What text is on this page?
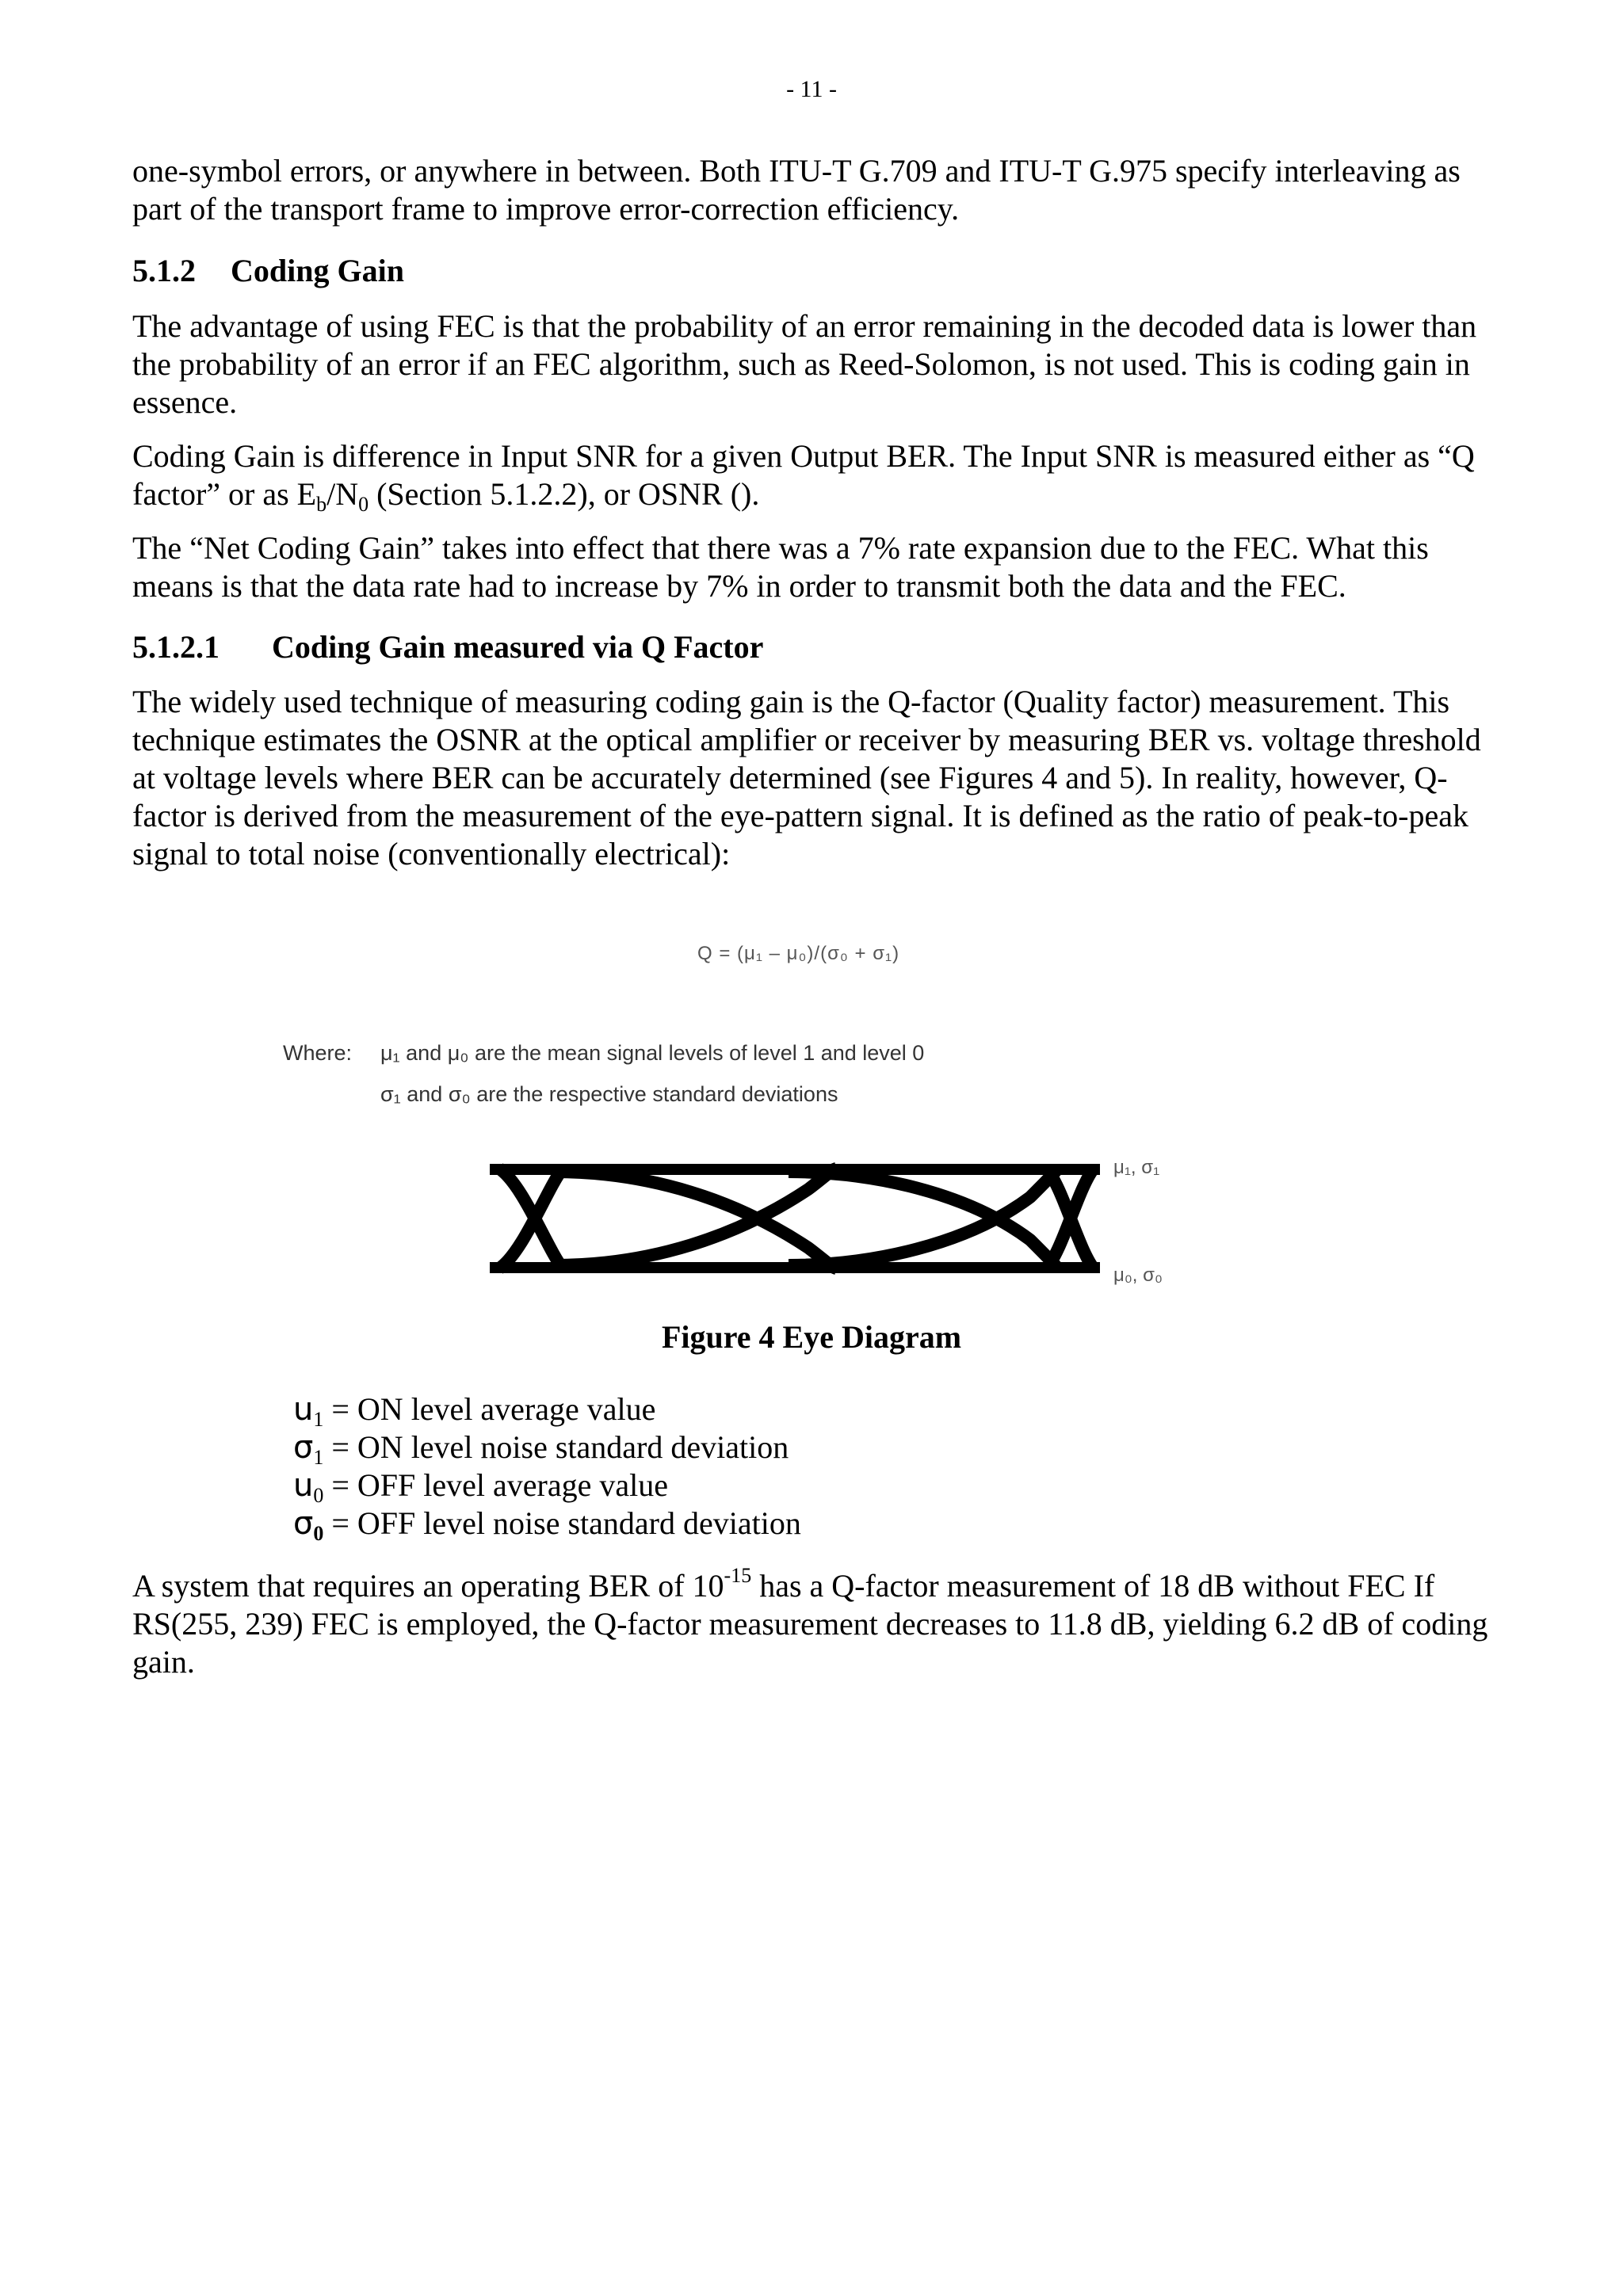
- 11 -

one-symbol errors, or anywhere in between. Both ITU-T G.709 and ITU-T G.975 specify interleaving as part of the transport frame to improve error-correction efficiency.

5.1.2 Coding Gain

The advantage of using FEC is that the probability of an error remaining in the decoded data is lower than the probability of an error if an FEC algorithm, such as Reed-Solomon, is not used. This is coding gain in essence.

Coding Gain is difference in Input SNR for a given Output BER. The Input SNR is measured either as “Q factor” or as $E_b/N_0$ (Section 5.1.2.2), or OSNR ().

The “Net Coding Gain” takes into effect that there was a 7% rate expansion due to the FEC. What this means is that the data rate had to increase by 7% in order to transmit both the data and the FEC.

5.1.2.1 Coding Gain measured via Q Factor

The widely used technique of measuring coding gain is the Q-factor (Quality factor) measurement. This technique estimates the OSNR at the optical amplifier or receiver by measuring BER vs. voltage threshold at voltage levels where BER can be accurately determined (see Figures 4 and 5). In reality, however, Q-factor is derived from the measurement of the eye-pattern signal. It is defined as the ratio of peak-to-peak signal to total noise (conventionally electrical):

Q = (μ₁ – μ₀)/(σ₀ + σ₁)
Where: μ₁ and μ₀ are the mean signal levels of level 1 and level 0
σ₁ and σ₀ are the respective standard deviations
μ₁, σ₁
μ₀, σ₀
Figure 4 Eye Diagram
$u_1$ = ON level average value
$\sigma_1$ = ON level noise standard deviation
$u_0$ = OFF level average value
$\sigma_0$ = OFF level noise standard deviation

A system that requires an operating BER of $10^{-15}$ has a Q-factor measurement of 18 dB without FEC If RS(255, 239) FEC is employed, the Q-factor measurement decreases to 11.8 dB, yielding 6.2 dB of coding gain.
